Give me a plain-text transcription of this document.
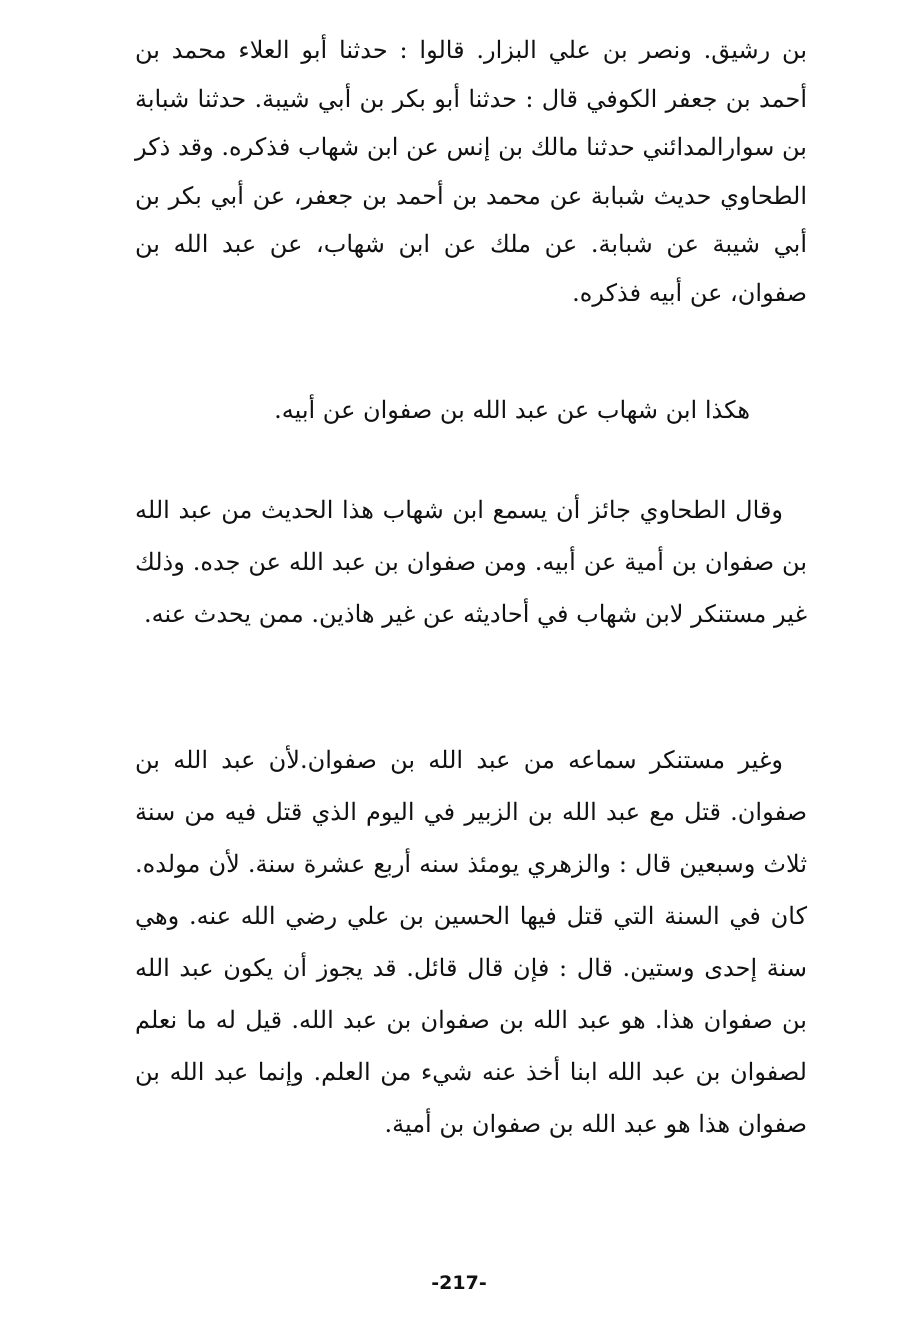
بن رشيق. ونصر بن علي البزار. قالوا : حدثنا أبو العلاء محمد بن أحمد بن جعفر الكوفي قال : حدثنا أبو بكر بن أبي شيبة. حدثنا شبابة بن سوارالمدائني حدثنا مالك بن إنس عن ابن شهاب فذكره. وقد ذكر الطحاوي حديث شبابة عن محمد بن أحمد بن جعفر، عن أبي بكر بن أبي شيبة عن شبابة. عن ملك عن ابن شهاب، عن عبد الله بن صفوان، عن أبيه فذكره.

هكذا ابن شهاب عن عبد الله بن صفوان عن أبيه.

وقال الطحاوي جائز أن يسمع ابن شهاب هذا الحديث من عبد الله بن صفوان بن أمية عن أبيه. ومن صفوان بن عبد الله عن جده. وذلك غير مستنكر لابن شهاب في أحاديثه عن غير هاذين. ممن يحدث عنه.

وغير مستنكر سماعه من عبد الله بن صفوان.لأن عبد الله بن صفوان. قتل مع عبد الله بن الزبير في اليوم الذي قتل فيه من سنة ثلاث وسبعين قال : والزهري يومئذ سنه أربع عشرة سنة. لأن مولده. كان في السنة التي قتل فيها الحسين بن علي رضي الله عنه. وهي سنة إحدى وستين. قال : فإن قال قائل. قد يجوز أن يكون عبد الله بن صفوان هذا. هو عبد الله بن صفوان بن عبد الله. قيل له ما نعلم لصفوان بن عبد الله ابنا أخذ عنه شيء من العلم. وإنما عبد الله بن صفوان هذا هو عبد الله بن صفوان بن أمية.

-217-
